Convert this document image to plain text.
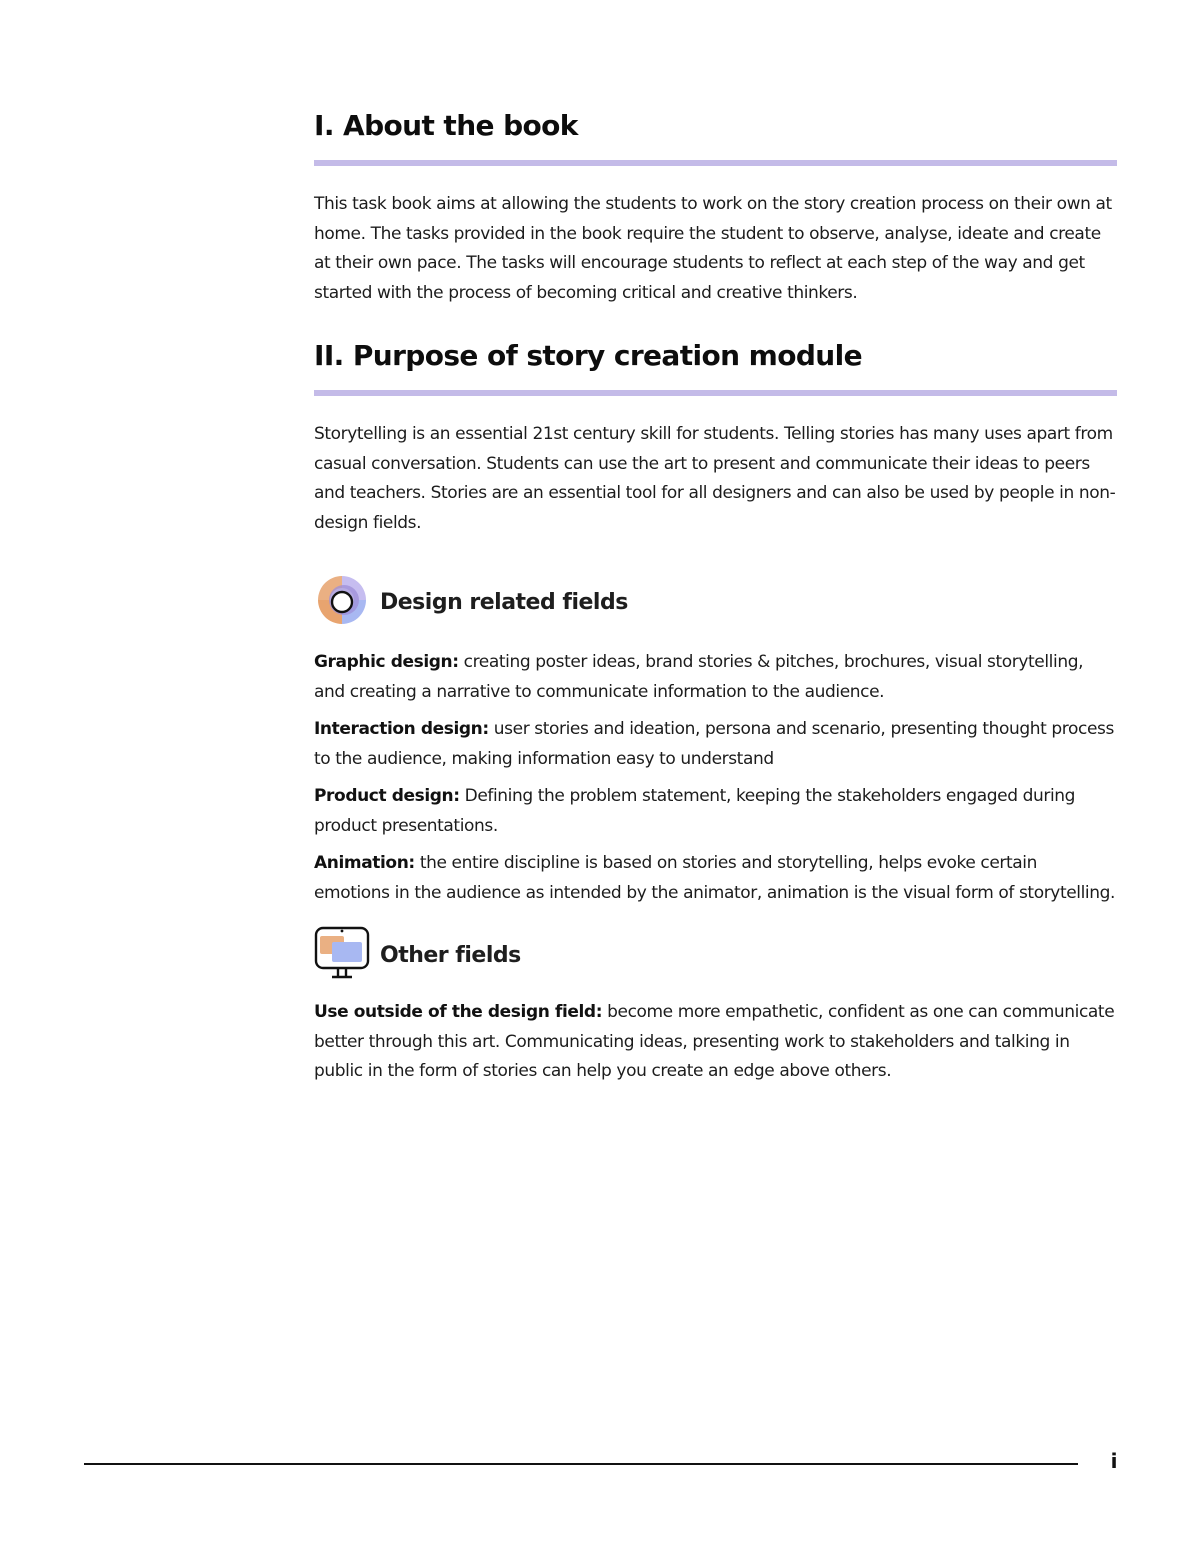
I. About the book

This task book aims at allowing the students to work on the story creation process on their own at home. The tasks provided in the book require the student to observe, analyse, ideate and create at their own pace. The tasks will encourage students to reflect at each step of the way and get started with the process of becoming critical and creative thinkers.

II. Purpose of story creation module

Storytelling is an essential 21st century skill for students. Telling stories has many uses apart from casual conversation. Students can use the art to present and communicate their ideas to peers and teachers. Stories are an essential tool for all designers and can also be used by people in non-design fields.

Design related fields

Graphic design: creating poster ideas, brand stories & pitches, brochures, visual storytelling, and creating a narrative to communicate information to the audience.

Interaction design: user stories and ideation, persona and scenario, presenting thought process to the audience, making information easy to understand

Product design: Defining the problem statement, keeping the stakeholders engaged during product presentations.

Animation: the entire discipline is based on stories and storytelling, helps evoke certain emotions in the audience as intended by the animator, animation is the visual form of storytelling.

Other fields

Use outside of the design field: become more empathetic, confident as one can communicate better through this art. Communicating ideas, presenting work to stakeholders and talking in public in the form of stories can help you create an edge above others.

i
